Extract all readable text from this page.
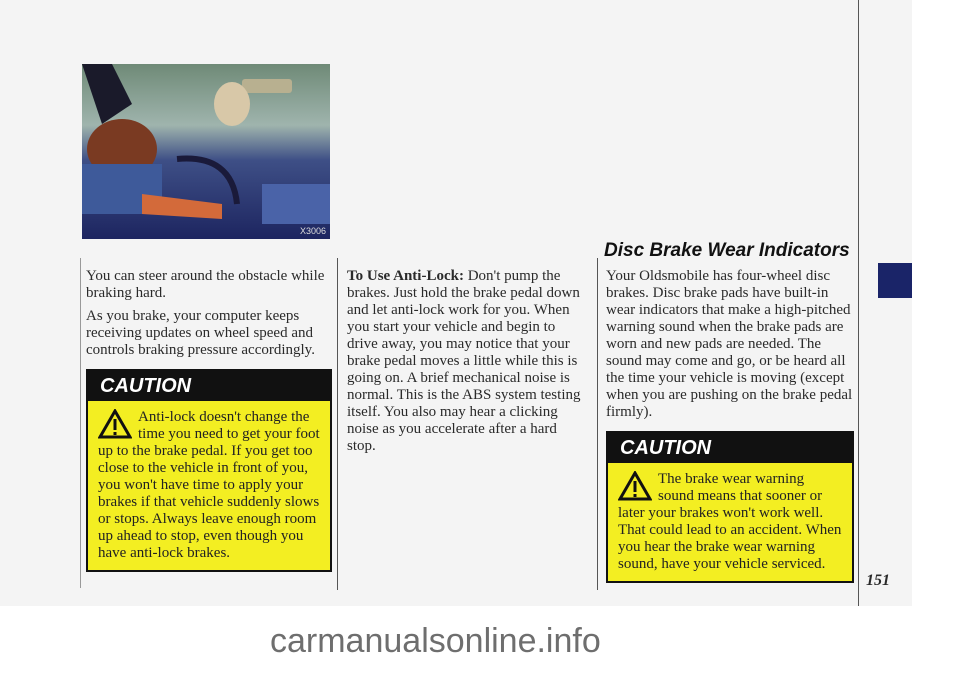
X3006

You can steer around the obstacle while braking hard.

As you brake, your computer keeps receiving updates on wheel speed and controls braking pressure accordingly.

CAUTION
Anti-lock doesn't change the time you need to get your foot up to the brake pedal. If you get too close to the vehicle in front of you, you won't have time to apply your brakes if that vehicle suddenly slows or stops. Always leave enough room up ahead to stop, even though you have anti-lock brakes.

To Use Anti-Lock: Don't pump the brakes. Just hold the brake pedal down and let anti-lock work for you. When you start your vehicle and begin to drive away, you may notice that your brake pedal moves a little while this is going on. A brief mechanical noise is normal. This is the ABS system testing itself. You also may hear a clicking noise as you accelerate after a hard stop.

Disc Brake Wear Indicators

Your Oldsmobile has four-wheel disc brakes. Disc brake pads have built-in wear indicators that make a high-pitched warning sound when the brake pads are worn and new pads are needed. The sound may come and go, or be heard all the time your vehicle is moving (except when you are pushing on the brake pedal firmly).

CAUTION
The brake wear warning sound means that sooner or later your brakes won't work well. That could lead to an accident. When you hear the brake wear warning sound, have your vehicle serviced.
151
carmanualsonline.info
